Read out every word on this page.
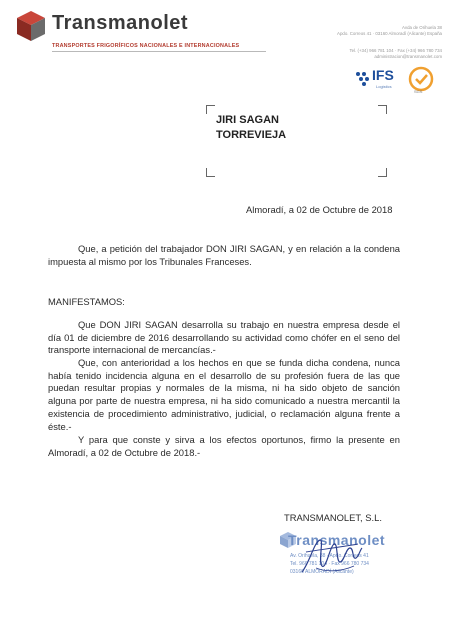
Transmanolet
TRANSPORTES FRIGORÍFICOS NACIONALES E INTERNACIONALES
Avda de Orihuela 38
Apdo. Correos 41 · 03160 Almoradí (Alicante) España
Tel. (+34) 966 781 104 · Fax (+34) 966 780 734
administracion@transmanolet.com
IFS
Logistics
SGS
JIRI SAGAN
TORREVIEJA
Almoradí, a 02 de Octubre de 2018
Que, a petición del trabajador DON JIRI SAGAN, y en relación a la condena impuesta al mismo por los Tribunales Franceses.
MANIFESTAMOS:
Que DON JIRI SAGAN desarrolla su trabajo en nuestra empresa desde el día 01 de diciembre de 2016 desarrollando su actividad como chófer en el seno del transporte internacional de mercancías.-
Que, con anterioridad a los hechos en que se funda dicha condena, nunca había tenido incidencia alguna en el desarrollo de su profesión fuera de las que puedan resultar propias y normales de la misma, ni ha sido objeto de sanción alguna por parte de nuestra empresa, ni ha sido comunicado a nuestra mercantil la existencia de procedimiento administrativo, judicial, o reclamación alguna frente a éste.-
Y para que conste y sirva a los efectos oportunos, firmo la presente en Almoradí, a 02 de Octubre de 2018.-
TRANSMANOLET, S.L.
Transmanolet
Av. Orihuela, 38 · Apdo. Correos 41
Tel. 966 781 104 · Fax 966 780 734
03160 ALMORADÍ (Alicante)
